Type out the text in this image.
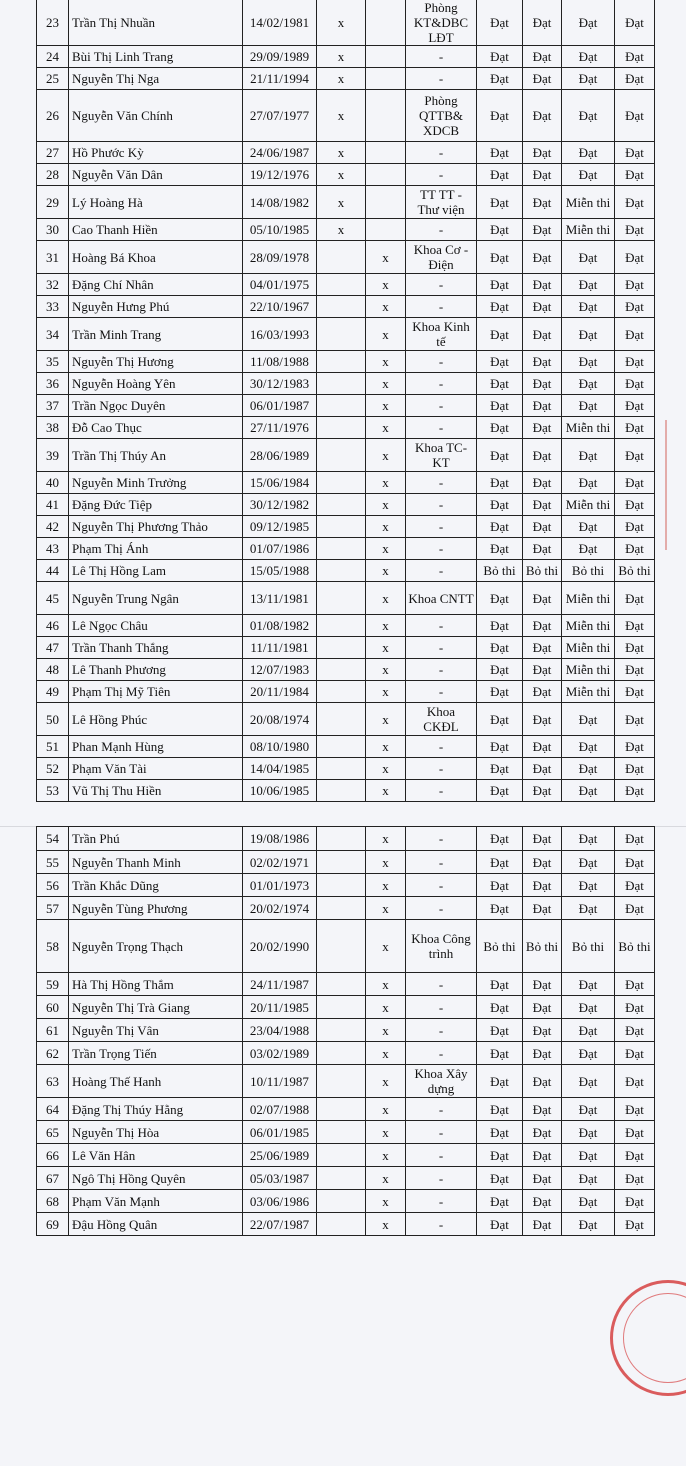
23	Trần Thị Nhuần	14/02/1981	x		Phòng KT&DBC LĐT	Đạt	Đạt	Đạt	Đạt
24	Bùi Thị Linh Trang	29/09/1989	x		-	Đạt	Đạt	Đạt	Đạt
25	Nguyễn Thị Nga	21/11/1994	x		-	Đạt	Đạt	Đạt	Đạt
26	Nguyễn Văn Chính	27/07/1977	x		Phòng QTTB& XDCB	Đạt	Đạt	Đạt	Đạt
27	Hồ Phước Kỳ	24/06/1987	x		-	Đạt	Đạt	Đạt	Đạt
28	Nguyễn Văn Dân	19/12/1976	x		-	Đạt	Đạt	Đạt	Đạt
29	Lý Hoàng Hà	14/08/1982	x		TT TT - Thư viện	Đạt	Đạt	Miễn thi	Đạt
30	Cao Thanh Hiền	05/10/1985	x		-	Đạt	Đạt	Miễn thi	Đạt
31	Hoàng Bá Khoa	28/09/1978		x	Khoa Cơ - Điện	Đạt	Đạt	Đạt	Đạt
32	Đặng Chí Nhân	04/01/1975		x	-	Đạt	Đạt	Đạt	Đạt
33	Nguyễn Hưng Phú	22/10/1967		x	-	Đạt	Đạt	Đạt	Đạt
34	Trần Minh Trang	16/03/1993		x	Khoa Kinh tế	Đạt	Đạt	Đạt	Đạt
35	Nguyễn Thị Hương	11/08/1988		x	-	Đạt	Đạt	Đạt	Đạt
36	Nguyễn Hoàng Yên	30/12/1983		x	-	Đạt	Đạt	Đạt	Đạt
37	Trần Ngọc Duyên	06/01/1987		x	-	Đạt	Đạt	Đạt	Đạt
38	Đỗ Cao Thục	27/11/1976		x	-	Đạt	Đạt	Miễn thi	Đạt
39	Trần Thị Thúy An	28/06/1989		x	Khoa TC-KT	Đạt	Đạt	Đạt	Đạt
40	Nguyễn Minh Trưởng	15/06/1984		x	-	Đạt	Đạt	Đạt	Đạt
41	Đặng Đức Tiệp	30/12/1982		x	-	Đạt	Đạt	Miễn thi	Đạt
42	Nguyễn Thị Phương Thảo	09/12/1985		x	-	Đạt	Đạt	Đạt	Đạt
43	Phạm Thị Ánh	01/07/1986		x	-	Đạt	Đạt	Đạt	Đạt
44	Lê Thị Hồng Lam	15/05/1988		x	-	Bỏ thi	Bỏ thi	Bỏ thi	Bỏ thi
45	Nguyễn Trung Ngân	13/11/1981		x	Khoa CNTT	Đạt	Đạt	Miễn thi	Đạt
46	Lê Ngọc Châu	01/08/1982		x	-	Đạt	Đạt	Miễn thi	Đạt
47	Trần Thanh Thắng	11/11/1981		x	-	Đạt	Đạt	Miễn thi	Đạt
48	Lê Thanh Phương	12/07/1983		x	-	Đạt	Đạt	Miễn thi	Đạt
49	Phạm Thị Mỹ Tiên	20/11/1984		x	-	Đạt	Đạt	Miễn thi	Đạt
50	Lê Hồng Phúc	20/08/1974		x	Khoa CKĐL	Đạt	Đạt	Đạt	Đạt
51	Phan Mạnh Hùng	08/10/1980		x	-	Đạt	Đạt	Đạt	Đạt
52	Phạm Văn Tài	14/04/1985		x	-	Đạt	Đạt	Đạt	Đạt
53	Vũ Thị Thu Hiền	10/06/1985		x	-	Đạt	Đạt	Đạt	Đạt
54	Trần Phú	19/08/1986		x	-	Đạt	Đạt	Đạt	Đạt
55	Nguyễn Thanh Minh	02/02/1971		x	-	Đạt	Đạt	Đạt	Đạt
56	Trần Khắc Dũng	01/01/1973		x	-	Đạt	Đạt	Đạt	Đạt
57	Nguyễn Tùng Phương	20/02/1974		x	-	Đạt	Đạt	Đạt	Đạt
58	Nguyễn Trọng Thạch	20/02/1990		x	Khoa Công trình	Bỏ thi	Bỏ thi	Bỏ thi	Bỏ thi
59	Hà Thị Hồng Thắm	24/11/1987		x	-	Đạt	Đạt	Đạt	Đạt
60	Nguyễn Thị Trà Giang	20/11/1985		x	-	Đạt	Đạt	Đạt	Đạt
61	Nguyễn Thị Vân	23/04/1988		x	-	Đạt	Đạt	Đạt	Đạt
62	Trần Trọng Tiến	03/02/1989		x	-	Đạt	Đạt	Đạt	Đạt
63	Hoàng Thế Hanh	10/11/1987		x	Khoa Xây dựng	Đạt	Đạt	Đạt	Đạt
64	Đặng Thị Thúy Hằng	02/07/1988		x	-	Đạt	Đạt	Đạt	Đạt
65	Nguyễn Thị Hòa	06/01/1985		x	-	Đạt	Đạt	Đạt	Đạt
66	Lê Văn Hân	25/06/1989		x	-	Đạt	Đạt	Đạt	Đạt
67	Ngô Thị Hồng Quyên	05/03/1987		x	-	Đạt	Đạt	Đạt	Đạt
68	Phạm Văn Mạnh	03/06/1986		x	-	Đạt	Đạt	Đạt	Đạt
69	Đậu Hồng Quân	22/07/1987		x	-	Đạt	Đạt	Đạt	Đạt
